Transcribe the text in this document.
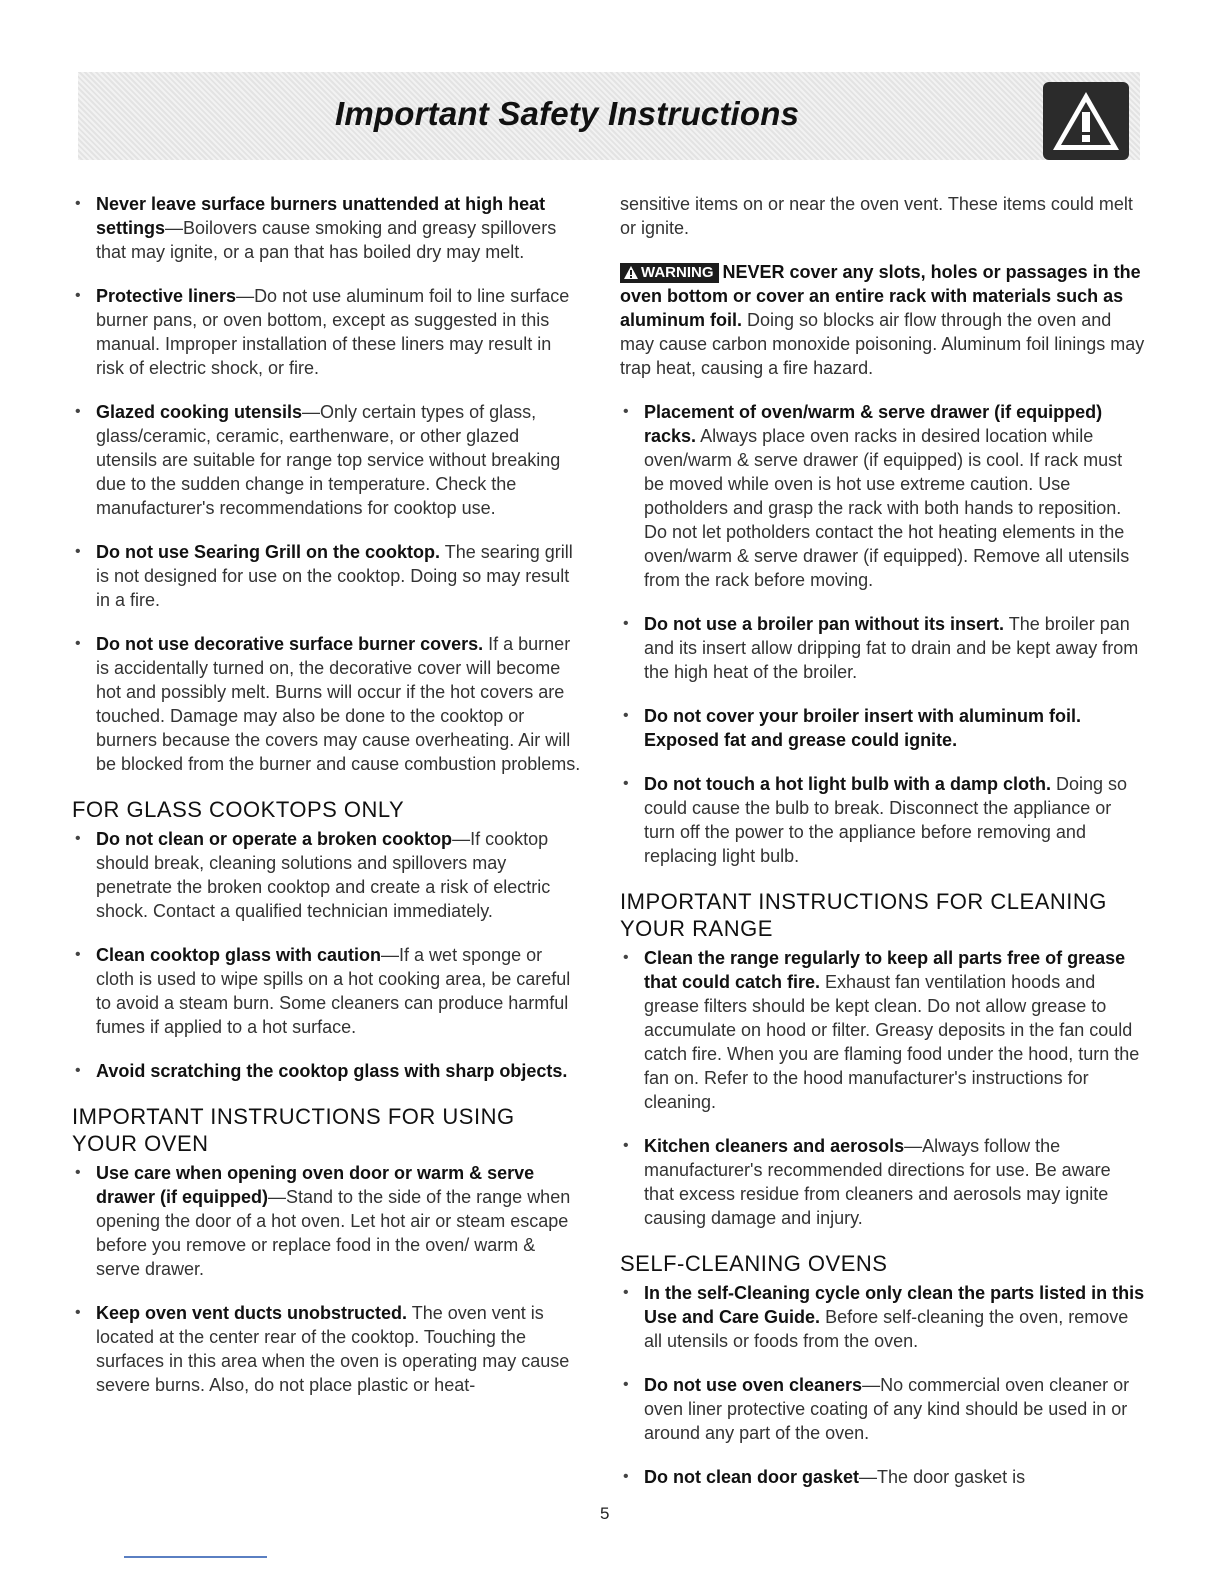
Important Safety Instructions
• Never leave surface burners unattended at high heat settings—Boilovers cause smoking and greasy spillovers that may ignite, or a pan that has boiled dry may melt.
• Protective liners—Do not use aluminum foil to line surface burner pans, or oven bottom, except as suggested in this manual. Improper installation of these liners may result in risk of electric shock, or fire.
• Glazed cooking utensils—Only certain types of glass, glass/ceramic, ceramic, earthenware, or other glazed utensils are suitable for range top service without breaking due to the sudden change in temperature. Check the manufacturer's recommendations for cooktop use.
• Do not use Searing Grill on the cooktop. The searing grill is not designed for use on the cooktop. Doing so may result in a fire.
• Do not use decorative surface burner covers. If a burner is accidentally turned on, the decorative cover will become hot and possibly melt. Burns will occur if the hot covers are touched. Damage may also be done to the cooktop or burners because the covers may cause overheating. Air will be blocked from the burner and cause combustion problems.
FOR GLASS COOKTOPS ONLY
• Do not clean or operate a broken cooktop—If cooktop should break, cleaning solutions and spillovers may penetrate the broken cooktop and create a risk of electric shock. Contact a qualified technician immediately.
• Clean cooktop glass with caution—If a wet sponge or cloth is used to wipe spills on a hot cooking area, be careful to avoid a steam burn. Some cleaners can produce harmful fumes if applied to a hot surface.
• Avoid scratching the cooktop glass with sharp objects.
IMPORTANT INSTRUCTIONS FOR USING YOUR OVEN
• Use care when opening oven door or warm & serve drawer (if equipped)—Stand to the side of the range when opening the door of a hot oven. Let hot air or steam escape before you remove or replace food in the oven/ warm & serve drawer.
• Keep oven vent ducts unobstructed. The oven vent is located at the center rear of the cooktop. Touching the surfaces in this area when the oven is operating may cause severe burns. Also, do not place plastic or heat-
sensitive items on or near the oven vent. These items could melt or ignite.
WARNING NEVER cover any slots, holes or passages in the oven bottom or cover an entire rack with materials such as aluminum foil. Doing so blocks air flow through the oven and may cause carbon monoxide poisoning. Aluminum foil linings may trap heat, causing a fire hazard.
• Placement of oven/warm & serve drawer (if equipped) racks. Always place oven racks in desired location while oven/warm & serve drawer (if equipped) is cool. If rack must be moved while oven is hot use extreme caution. Use potholders and grasp the rack with both hands to reposition. Do not let potholders contact the hot heating elements in the oven/warm & serve drawer (if equipped). Remove all utensils from the rack before moving.
• Do not use a broiler pan without its insert. The broiler pan and its insert allow dripping fat to drain and be kept away from the high heat of the broiler.
• Do not cover your broiler insert with aluminum foil. Exposed fat and grease could ignite.
• Do not touch a hot light bulb with a damp cloth. Doing so could cause the bulb to break. Disconnect the appliance or turn off the power to the appliance before removing and replacing light bulb.
IMPORTANT INSTRUCTIONS FOR CLEANING YOUR RANGE
• Clean the range regularly to keep all parts free of grease that could catch fire. Exhaust fan ventilation hoods and grease filters should be kept clean. Do not allow grease to accumulate on hood or filter. Greasy deposits in the fan could catch fire. When you are flaming food under the hood, turn the fan on. Refer to the hood manufacturer's instructions for cleaning.
• Kitchen cleaners and aerosols—Always follow the manufacturer's recommended directions for use. Be aware that excess residue from cleaners and aerosols may ignite causing damage and injury.
SELF-CLEANING OVENS
• In the self-Cleaning cycle only clean the parts listed in this Use and Care Guide. Before self-cleaning the oven, remove all utensils or foods from the oven.
• Do not use oven cleaners—No commercial oven cleaner or oven liner protective coating of any kind should be used in or around any part of the oven.
• Do not clean door gasket—The door gasket is
5
